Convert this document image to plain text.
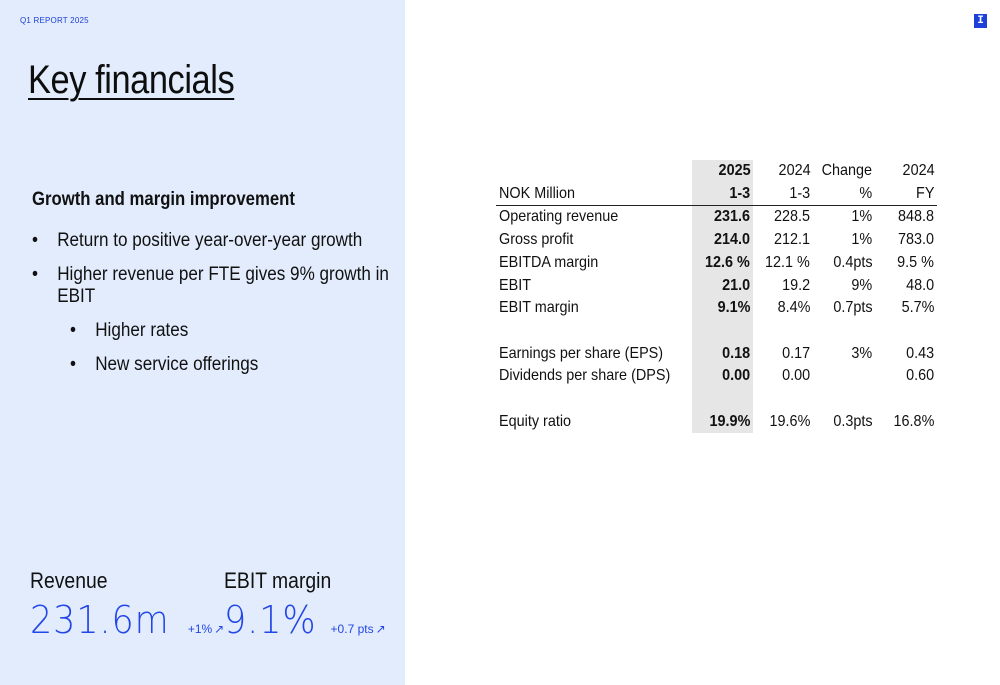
Q1 REPORT 2025	I
Key financials
Growth and margin improvement
• Return to positive year-over-year growth
• Higher revenue per FTE gives 9% growth in EBIT
• Higher rates
• New service offerings
Revenue
231.6m +1% ↗
EBIT margin
9.1% +0.7 pts ↗
	2025	2024	Change	2024
NOK Million	1-3	1-3	%	FY
Operating revenue	231.6	228.5	1%	848.8
Gross profit	214.0	212.1	1%	783.0
EBITDA margin	12.6 %	12.1 %	0.4pts	9.5 %
EBIT	21.0	19.2	9%	48.0
EBIT margin	9.1%	8.4%	0.7pts	5.7%

Earnings per share (EPS)	0.18	0.17	3%	0.43
Dividends per share (DPS)	0.00	0.00		0.60

Equity ratio	19.9%	19.6%	0.3pts	16.8%
